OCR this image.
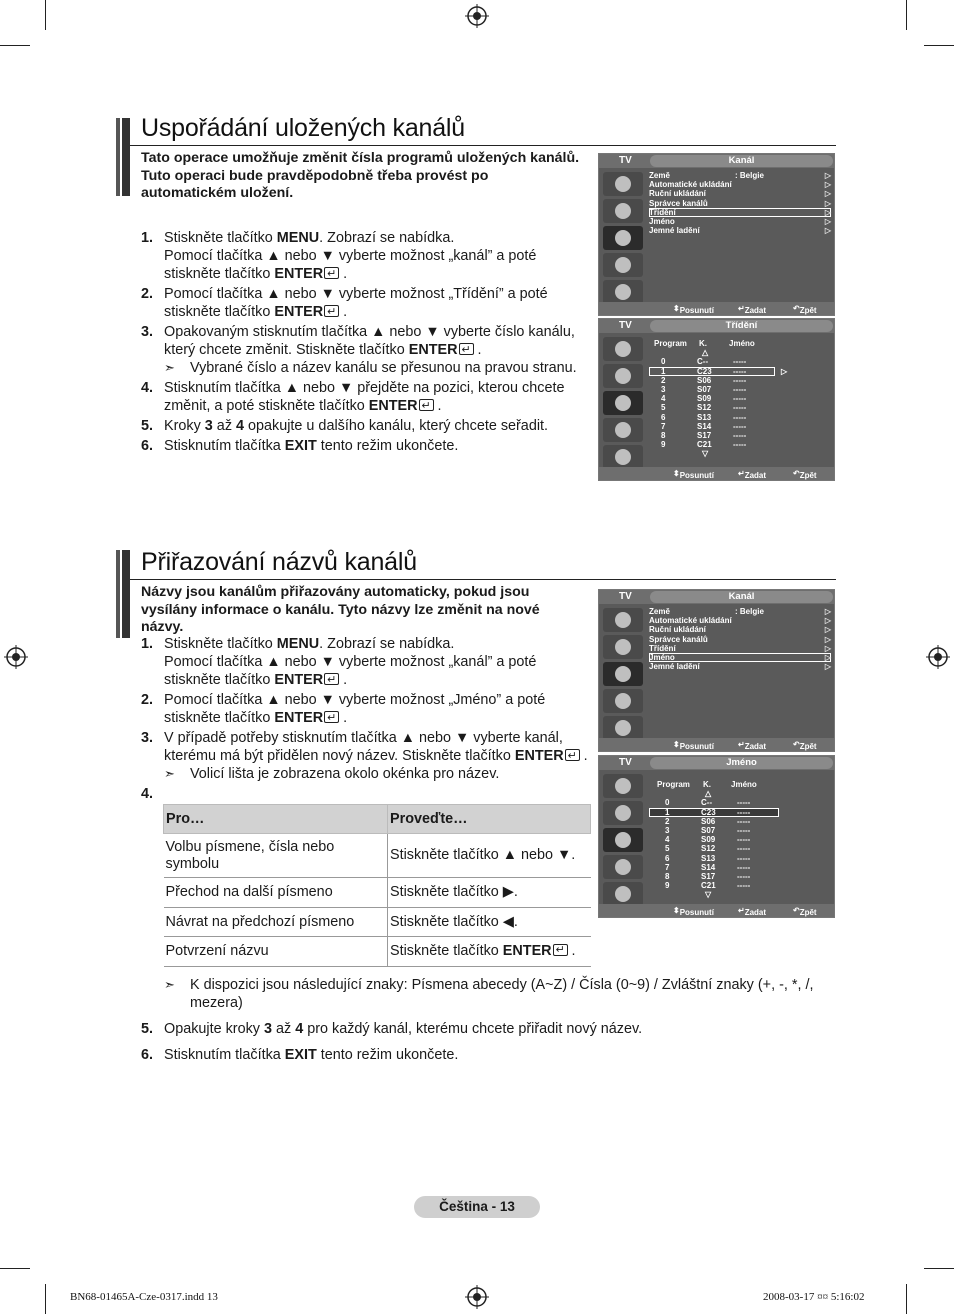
Uspořádání uložených kanálů

Tato operace umožňuje změnit čísla programů uložených kanálů.

Tuto operaci bude pravděpodobně třeba provést po automatickém uložení.

1. Stiskněte tlačítko MENU. Zobrazí se nabídka.
Pomocí tlačítka ▲ nebo ▼ vyberte možnost „kanál” a poté stiskněte tlačítko ENTER↵ .
2. Pomocí tlačítka ▲ nebo ▼ vyberte možnost „Třídění” a poté stiskněte tlačítko ENTER↵ .
3. Opakovaným stisknutím tlačítka ▲ nebo ▼ vyberte číslo kanálu, který chcete změnit. Stiskněte tlačítko ENTER↵ .
➣ Vybrané číslo a název kanálu se přesunou na pravou stranu.
4. Stisknutím tlačítka ▲ nebo ▼ přejděte na pozici, kterou chcete změnit, a poté stiskněte tlačítko ENTER↵ .
5. Kroky 3 až 4 opakujte u dalšího kanálu, který chcete seřadit.
6. Stisknutím tlačítka EXIT tento režim ukončete.
TV	Kanál
Země	: Belgie	▷
Automatické ukládání	▷
Ruční ukládání	▷
Správce kanálů	▷
Třídění	▷
Jméno	▷
Jemné ladění	▷
⬍ Posunutí	↵ Zadat	↶ Zpět
TV	Třídění
Program K.	Jméno
△
0	C--	-----
1	C23	-----	▷
2	S06	-----
3	S07	-----
4	S09	-----
5	S12	-----
6	S13	-----
7	S14	-----
8	S17	-----
9	C21	-----
▽
⬍ Posunutí	↵ Zadat	↶ Zpět
Přiřazování názvů kanálů

Názvy jsou kanálům přiřazovány automaticky, pokud jsou vysílány informace o kanálu. Tyto názvy lze změnit na nové názvy.

1. Stiskněte tlačítko MENU. Zobrazí se nabídka.
Pomocí tlačítka ▲ nebo ▼ vyberte možnost „kanál” a poté stiskněte tlačítko ENTER↵ .
2. Pomocí tlačítka ▲ nebo ▼ vyberte možnost „Jméno” a poté stiskněte tlačítko ENTER↵ .
3. V případě potřeby stisknutím tlačítka ▲ nebo ▼ vyberte kanál, kterému má být přidělen nový název. Stiskněte tlačítko ENTER↵ .
➣ Volicí lišta je zobrazena okolo okénka pro název.
4.
Pro…	Proveďte…
Volbu písmene, čísla nebo symbolu	Stiskněte tlačítko ▲ nebo ▼.
Přechod na další písmeno	Stiskněte tlačítko ▶.
Návrat na předchozí písmeno	Stiskněte tlačítko ◀.
Potvrzení názvu	Stiskněte tlačítko ENTER↵ .
➣ K dispozici jsou následující znaky: Písmena abecedy (A~Z) / Čísla (0~9) / Zvláštní znaky (+, -, *, /, mezera)
5. Opakujte kroky 3 až 4 pro každý kanál, kterému chcete přiřadit nový název.
6. Stisknutím tlačítka EXIT tento režim ukončete.
TV	Kanál
Země	: Belgie	▷
Automatické ukládání	▷
Ruční ukládání	▷
Správce kanálů	▷
Třídění	▷
Jméno	▷
Jemné ladění	▷
⬍ Posunutí	↵ Zadat	↶ Zpět
TV	Jméno
Program K.	Jméno
△
0	C--	-----
1	C23	-----
2	S06	-----
3	S07	-----
4	S09	-----
5	S12	-----
6	S13	-----
7	S14	-----
8	S17	-----
9	C21	-----
▽
⬍ Posunutí	↵ Zadat	↶ Zpět
Čeština - 13
BN68-01465A-Cze-0317.indd 13	2008-03-17 ¤¤ 5:16:02
